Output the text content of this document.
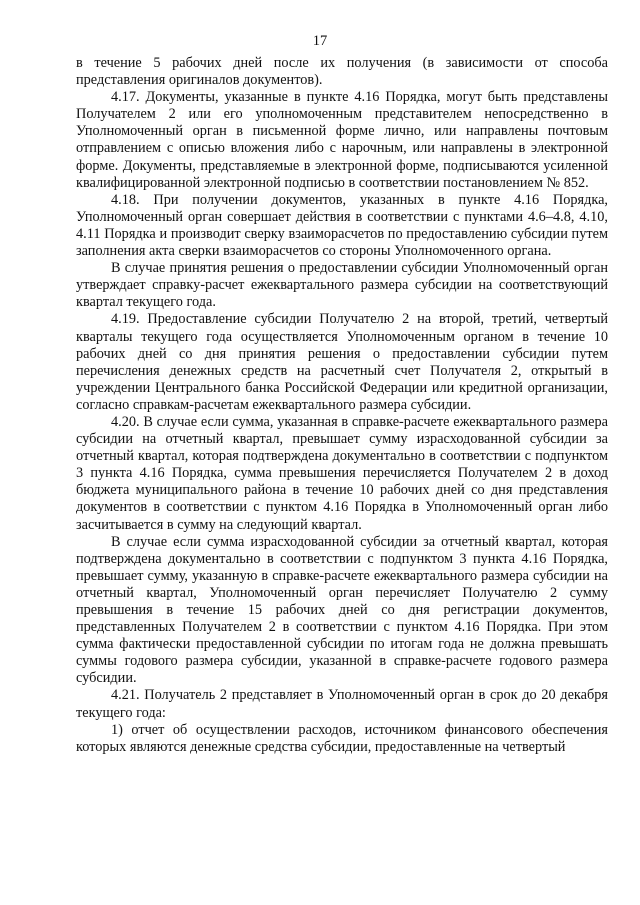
17

в течение 5 рабочих дней после их получения (в зависимости от способа представления оригиналов документов).

4.17. Документы, указанные в пункте 4.16 Порядка, могут быть представлены Получателем 2 или его уполномоченным представителем непосредственно в Уполномоченный орган в письменной форме лично, или направлены почтовым отправлением с описью вложения либо с нарочным, или направлены в электронной форме. Документы, представляемые в электронной форме, подписываются усиленной квалифицированной электронной подписью в соответствии постановлением № 852.

4.18. При получении документов, указанных в пункте 4.16 Порядка, Уполномоченный орган совершает действия в соответствии с пунктами 4.6–4.8, 4.10, 4.11 Порядка и производит сверку взаиморасчетов по предоставлению субсидии путем заполнения акта сверки взаиморасчетов со стороны Уполномоченного органа.

В случае принятия решения о предоставлении субсидии Уполномоченный орган утверждает справку-расчет ежеквартального размера субсидии на соответствующий квартал текущего года.

4.19. Предоставление субсидии Получателю 2 на второй, третий, четвертый кварталы текущего года осуществляется Уполномоченным органом в течение 10 рабочих дней со дня принятия решения о предоставлении субсидии путем перечисления денежных средств на расчетный счет Получателя 2, открытый в учреждении Центрального банка Российской Федерации или кредитной организации, согласно справкам-расчетам ежеквартального размера субсидии.

4.20. В случае если сумма, указанная в справке-расчете ежеквартального размера субсидии на отчетный квартал, превышает сумму израсходованной субсидии за отчетный квартал, которая подтверждена документально в соответствии с подпунктом 3 пункта 4.16 Порядка, сумма превышения перечисляется Получателем 2 в доход бюджета муниципального района в течение 10 рабочих дней со дня представления документов в соответствии с пунктом 4.16 Порядка в Уполномоченный орган либо засчитывается в сумму на следующий квартал.

В случае если сумма израсходованной субсидии за отчетный квартал, которая подтверждена документально в соответствии с подпунктом 3 пункта 4.16 Порядка, превышает сумму, указанную в справке-расчете ежеквартального размера субсидии на отчетный квартал, Уполномоченный орган перечисляет Получателю 2 сумму превышения в течение 15 рабочих дней со дня регистрации документов, представленных Получателем 2 в соответствии с пунктом 4.16 Порядка. При этом сумма фактически предоставленной субсидии по итогам года не должна превышать суммы годового размера субсидии, указанной в справке-расчете годового размера субсидии.

4.21. Получатель 2 представляет в Уполномоченный орган в срок до 20 декабря текущего года:

1) отчет об осуществлении расходов, источником финансового обеспечения которых являются денежные средства субсидии, предоставленные на четвертый
